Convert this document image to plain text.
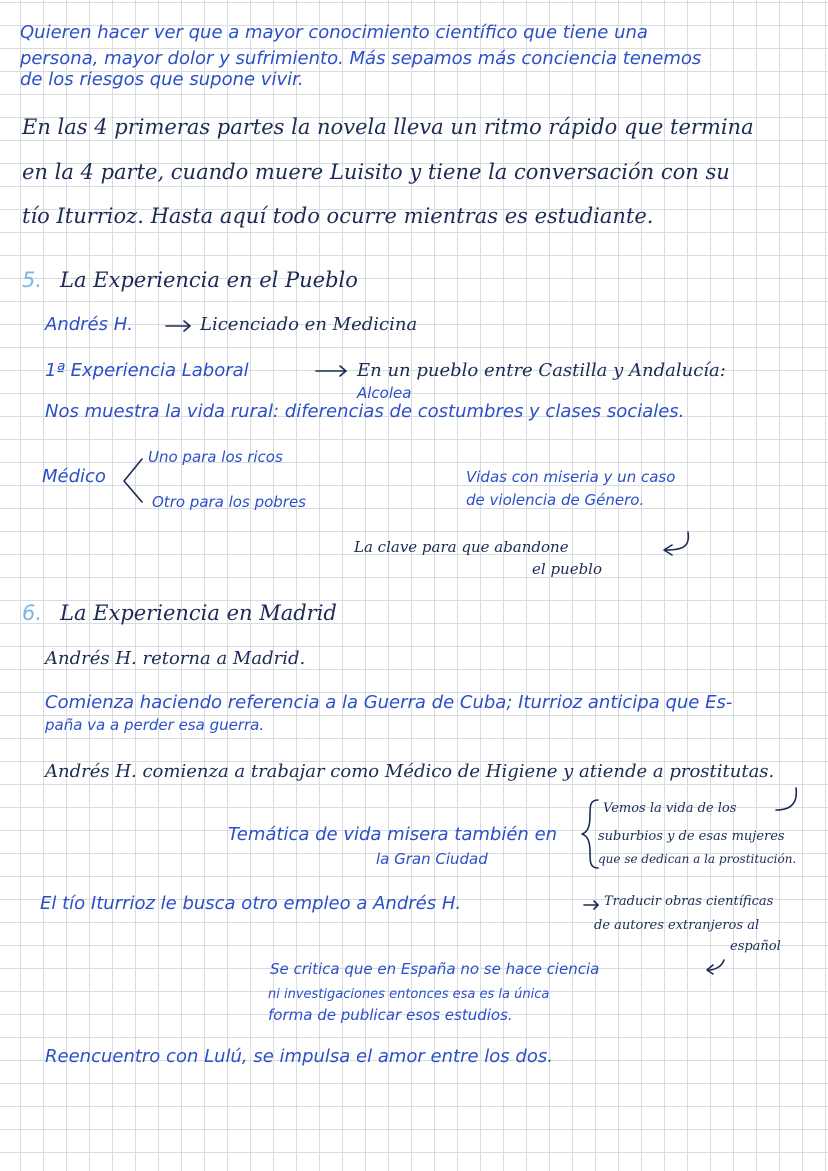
Quieren hacer ver que a mayor conocimiento científico que tiene una
persona, mayor dolor y sufrimiento. Más sepamos más conciencia tenemos
de los riesgos que supone vivir.
En las 4 primeras partes la novela lleva un ritmo rápido que termina
en la 4 parte, cuando muere Luisito y tiene la conversación con su
tío Iturrioz. Hasta aquí todo ocurre mientras es estudiante.
5. La Experiencia en el Pueblo
Andrés H.	Licenciado en Medicina
1ª Experiencia Laboral	En un pueblo entre Castilla y Andalucía:
Alcolea
Nos muestra la vida rural: diferencias de costumbres y clases sociales.
Médico
Uno para los ricos
Otro para los pobres
Vidas con miseria y un caso
de violencia de Género.
La clave para que abandone
el pueblo
6. La Experiencia en Madrid
Andrés H. retorna a Madrid.
Comienza haciendo referencia a la Guerra de Cuba; Iturrioz anticipa que Es-
paña va a perder esa guerra.
Andrés H. comienza a trabajar como Médico de Higiene y atiende a prostitutas.
Temática de vida misera también en
la Gran Ciudad
Vemos la vida de los
suburbios y de esas mujeres
que se dedican a la prostitución.
El tío Iturrioz le busca otro empleo a Andrés H.	Traducir obras científicas
de autores extranjeros al
español
Se critica que en España no se hace ciencia
ni investigaciones entonces esa es la única
forma de publicar esos estudios.
Reencuentro con Lulú, se impulsa el amor entre los dos.
